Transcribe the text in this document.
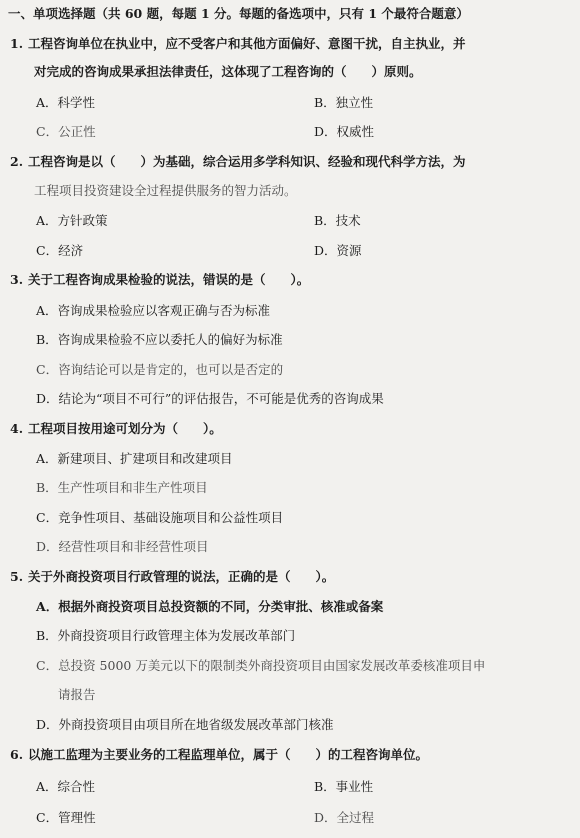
一、单项选择题（共 60 题，每题 1 分。每题的备选项中，只有 1 个最符合题意）
1. 工程咨询单位在执业中，应不受客户和其他方面偏好、意图干扰，自主执业，并
对完成的咨询成果承担法律责任，这体现了工程咨询的（　　）原则。
A．科学性	B．独立性
C．公正性	D．权威性
2. 工程咨询是以（　　）为基础，综合运用多学科知识、经验和现代科学方法，为
工程项目投资建设全过程提供服务的智力活动。
A．方针政策	B．技术
C．经济	D．资源
3. 关于工程咨询成果检验的说法，错误的是（　　）。
A．咨询成果检验应以客观正确与否为标准
B．咨询成果检验不应以委托人的偏好为标准
C．咨询结论可以是肯定的，也可以是否定的
D．结论为“项目不可行”的评估报告，不可能是优秀的咨询成果
4. 工程项目按用途可划分为（　　）。
A．新建项目、扩建项目和改建项目
B．生产性项目和非生产性项目
C．竞争性项目、基础设施项目和公益性项目
D．经营性项目和非经营性项目
5. 关于外商投资项目行政管理的说法，正确的是（　　）。
A．根据外商投资项目总投资额的不同，分类审批、核准或备案
B．外商投资项目行政管理主体为发展改革部门
C．总投资 5000 万美元以下的限制类外商投资项目由国家发展改革委核准项目申
请报告
D．外商投资项目由项目所在地省级发展改革部门核准
6. 以施工监理为主要业务的工程监理单位，属于（　　）的工程咨询单位。
A．综合性	B．事业性
C．管理性	D．全过程
